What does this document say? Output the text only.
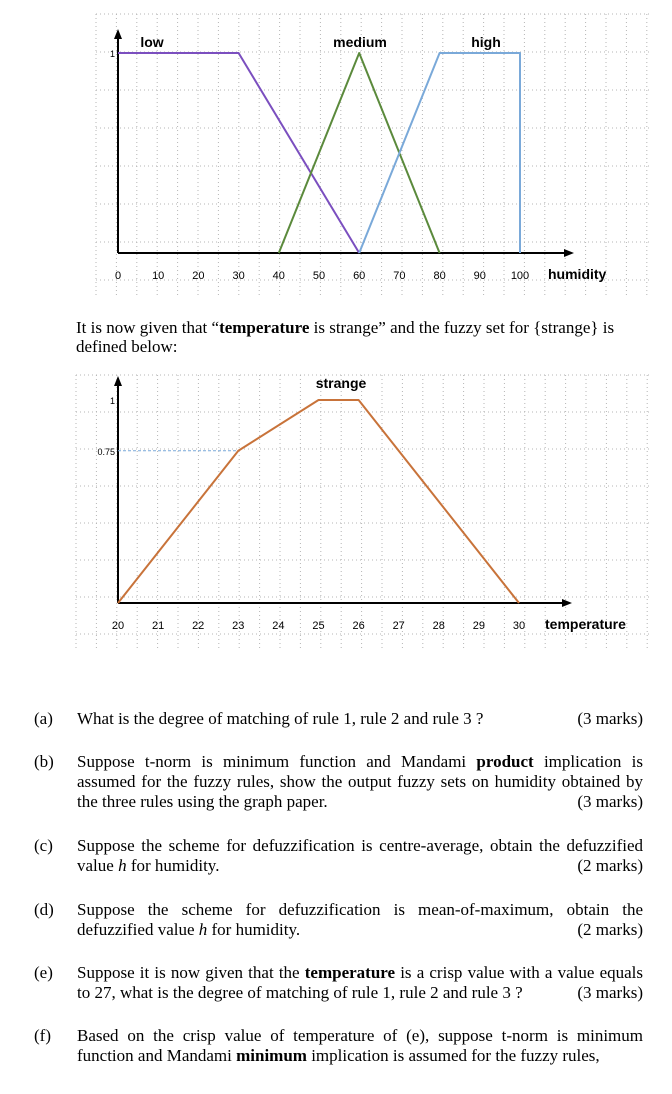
0	10	20	30	40	50	60	70	80	90 100 humidity
1
low	medium	high
It is now given that “temperature is strange” and the fuzzy set for {strange} is defined below:
20	21	22	23	24	25	26	27	28	29	30 temperature
1
0.75
strange
(a) What is the degree of matching of rule 1, rule 2 and rule 3 ?	(3 marks)
(b) Suppose t-norm is minimum function and Mandami product implication is assumed for the fuzzy rules, show the output fuzzy sets on humidity obtained by the three rules using the graph paper.	(3 marks)
(c) Suppose the scheme for defuzzification is centre-average, obtain the defuzzified value h for humidity.	(2 marks)
(d) Suppose the scheme for defuzzification is mean-of-maximum, obtain the defuzzified value h for humidity.	(2 marks)
(e) Suppose it is now given that the temperature is a crisp value with a value equals to 27, what is the degree of matching of rule 1, rule 2 and rule 3 ?	(3 marks)
(f) Based on the crisp value of temperature of (e), suppose t-norm is minimum function and Mandami minimum implication is assumed for the fuzzy rules,
